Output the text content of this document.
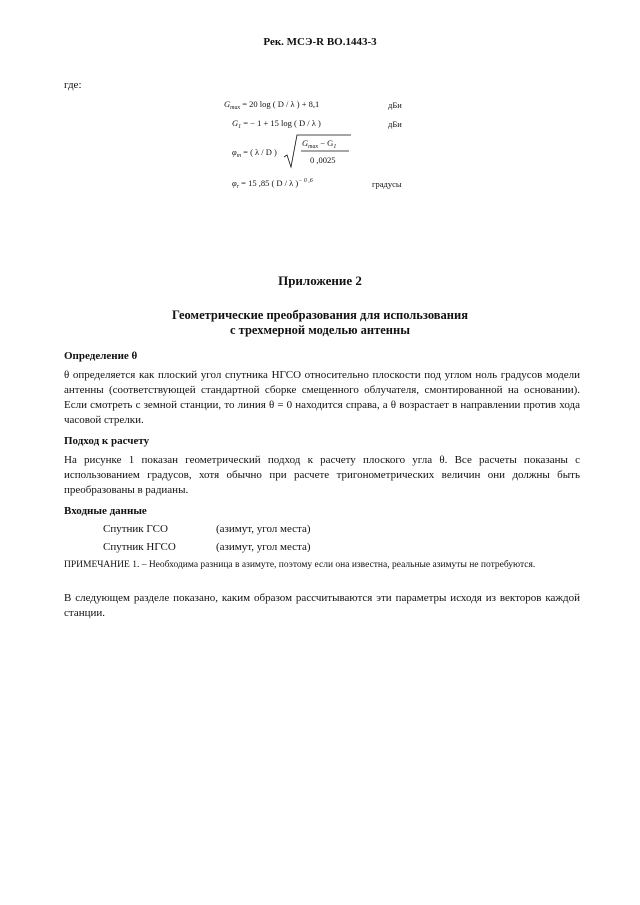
Рек. МСЭ-R BO.1443-3
где:
$G_{max} = 20$ log ( D / λ ) + 8,1	дБи
$G_1$ = − 1 + 15 log ( D / λ )	дБи
$\varphi_m$ = ( λ / D )
$G_{max} - G_1$
0 ,0025
$\varphi_r = 15$ ,85 ( D / λ )$^{- 0 ,6}$	градусы
Приложение 2
Геометрические преобразования для использования
с трехмерной моделью антенны
Определение θ
θ определяется как плоский угол спутника НГСО относительно плоскости под углом ноль градусов модели антенны (соответствующей стандартной сборке смещенного облучателя, смонтированной на основании). Если смотреть с земной станции, то линия θ = 0 находится справа, а θ возрастает в направлении против хода часовой стрелки.
Подход к расчету
На рисунке 1 показан геометрический подход к расчету плоского угла θ. Все расчеты показаны с использованием градусов, хотя обычно при расчете тригонометрических величин они должны быть преобразованы в радианы.
Входные данные
Спутник ГСО	(азимут, угол места)
Спутник НГСО	(азимут, угол места)
ПРИМЕЧАНИЕ 1. – Необходима разница в азимуте, поэтому если она известна, реальные азимуты не потребуются.
В следующем разделе показано, каким образом рассчитываются эти параметры исходя из векторов каждой станции.
